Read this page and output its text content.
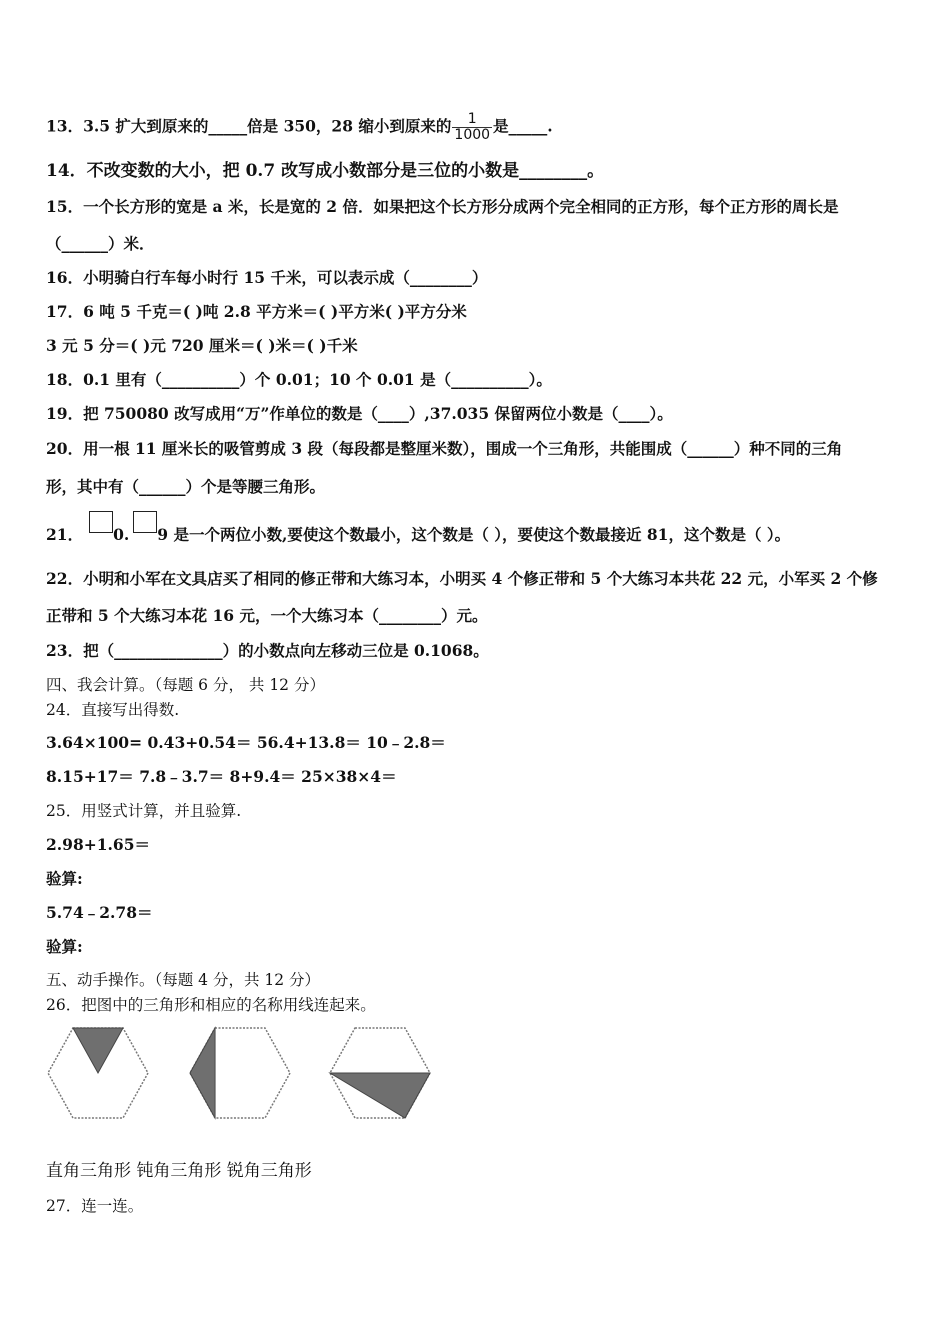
13．3.5 扩大到原来的_____倍是 350，28 缩小到原来的 $\frac{1}{1000}$ 是_____.
14．不改变数的大小，把 0.7 改写成小数部分是三位的小数是________。
15．一个长方形的宽是 a 米，长是宽的 2 倍．如果把这个长方形分成两个完全相同的正方形，每个正方形的周长是
（______）米．
16．小明骑白行车每小时行 15 千米，可以表示成（________）
17．6 吨 5 千克＝( )吨 2.8 平方米＝( )平方米( )平方分米
3 元 5 分＝( )元 720 厘米＝( )米＝( )千米
18．0.1 里有（__________）个 0.01；10 个 0.01 是（__________）。
19．把 750080 改写成用“万”作单位的数是（____）,37.035 保留两位小数是（____）。
20．用一根 11 厘米长的吸管剪成 3 段（每段都是整厘米数），围成一个三角形，共能围成（______）种不同的三角
形，其中有（______）个是等腰三角形。
21． 0. 9 是一个两位小数,要使这个数最小，这个数是（ ），要使这个数最接近 81，这个数是（ ）。
22．小明和小军在文具店买了相同的修正带和大练习本，小明买 4 个修正带和 5 个大练习本共花 22 元，小军买 2 个修
正带和 5 个大练习本花 16 元，一个大练习本（________）元。
23．把（______________）的小数点向左移动三位是 0.1068。
四、我会计算。（每题 6 分， 共 12 分）
24．直接写出得数.
3.64×100= 0.43+0.54＝ 56.4+13.8＝ 10﹣2.8＝
8.15+17＝ 7.8﹣3.7＝ 8+9.4＝ 25×38×4＝
25．用竖式计算，并且验算.
2.98+1.65＝
验算:
5.74﹣2.78＝
验算:
五、动手操作。（每题 4 分，共 12 分）
26．把图中的三角形和相应的名称用线连起来。
直角三角形 钝角三角形 锐角三角形
27．连一连。
